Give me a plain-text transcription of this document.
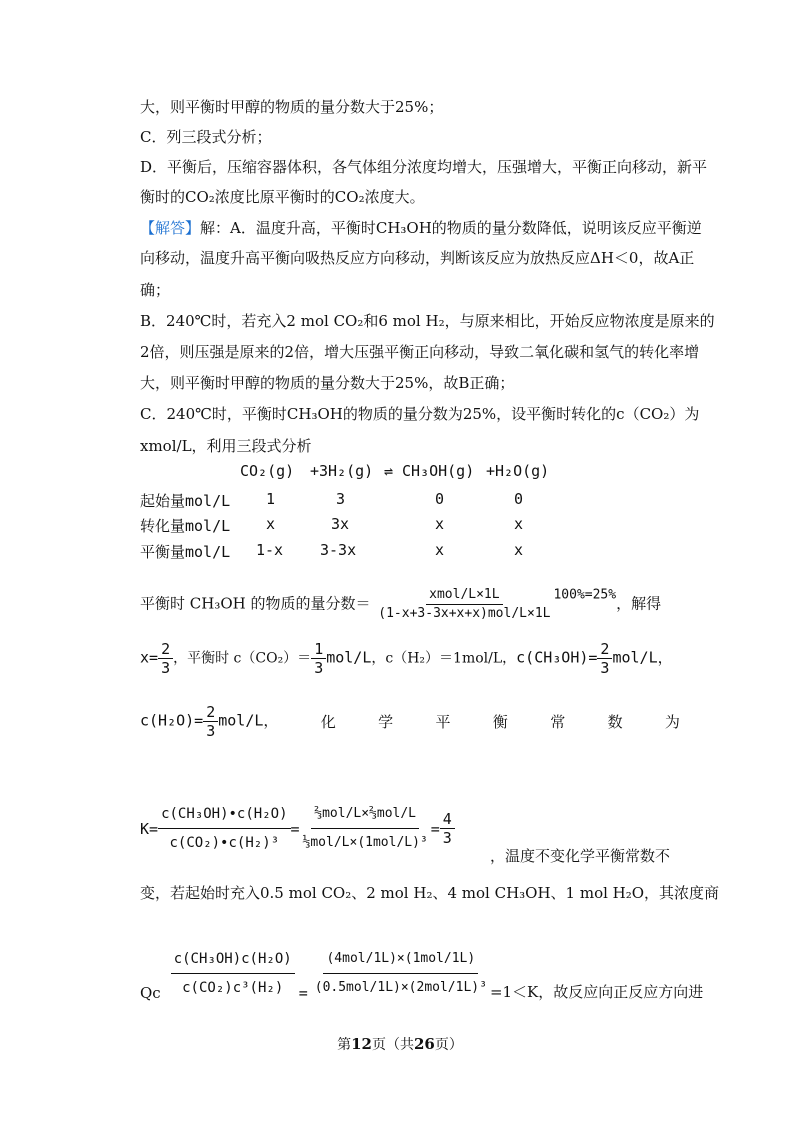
大，则平衡时甲醇的物质的量分数大于25%；
C．列三段式分析；
D．平衡后，压缩容器体积，各气体组分浓度均增大，压强增大，平衡正向移动，新平
衡时的CO₂浓度比原平衡时的CO₂浓度大。
【解答】解：A．温度升高，平衡时CH₃OH的物质的量分数降低，说明该反应平衡逆
向移动，温度升高平衡向吸热反应方向移动，判断该反应为放热反应ΔH＜0，故A正
确；
B．240℃时，若充入2 mol CO₂和6 mol H₂，与原来相比，开始反应物浓度是原来的
2倍，则压强是原来的2倍，增大压强平衡正向移动，导致二氧化碳和氢气的转化率增
大，则平衡时甲醇的物质的量分数大于25%，故B正确；
C．240℃时，平衡时CH₃OH的物质的量分数为25%，设平衡时转化的c（CO₂）为
xmol/L，利用三段式分析
CO₂(g) +3H₂(g) ⇌ CH₃OH(g) +H₂O(g)
起始量mol/L 1	3	0	0
转化量mol/L x	3x	x	x
平衡量mol/L 1-x 3-3x	x	x
平衡时 CH₃OH 的物质的量分数＝ $\frac{\text{xmol/L×1L}}{\text{(1-x+3-3x+x+x)mol/L×1L}} 100\%=25\%$，解得
$x= \frac{2}{3}$ ，平衡时 $c(CO_2)= \frac{1}{3} mol/L$，c（H₂）＝1mol/L，$c(CH_3OH)= \frac{2}{3} mol/L$，
$c(H_2O)= \frac{2}{3} mol/L$，	化	学	平	衡	常	数	为
$K= \frac{\text{c(CH₃OH)•c(H₂O)}}{\text{c(CO₂)•c(H₂)³}} = \frac{\text{⅔mol/L×⅔mol/L}}{\text{⅓mol/L×(1mol/L)³}} = \frac{4}{3}$
，温度不变化学平衡常数不
变，若起始时充入0.5 mol CO₂、2 mol H₂、4 mol CH₃OH、1 mol H₂O，其浓度商
Qc $\frac{\text{c(CH₃OH)c(H₂O)}}{\text{c(CO₂)c³(H₂)}} = \frac{\text{(4mol/1L)×(1mol/1L)}}{\text{(0.5mol/1L)×(2mol/1L)³}} =1<K$，故反应向正反应方向进
第12页（共26页）
